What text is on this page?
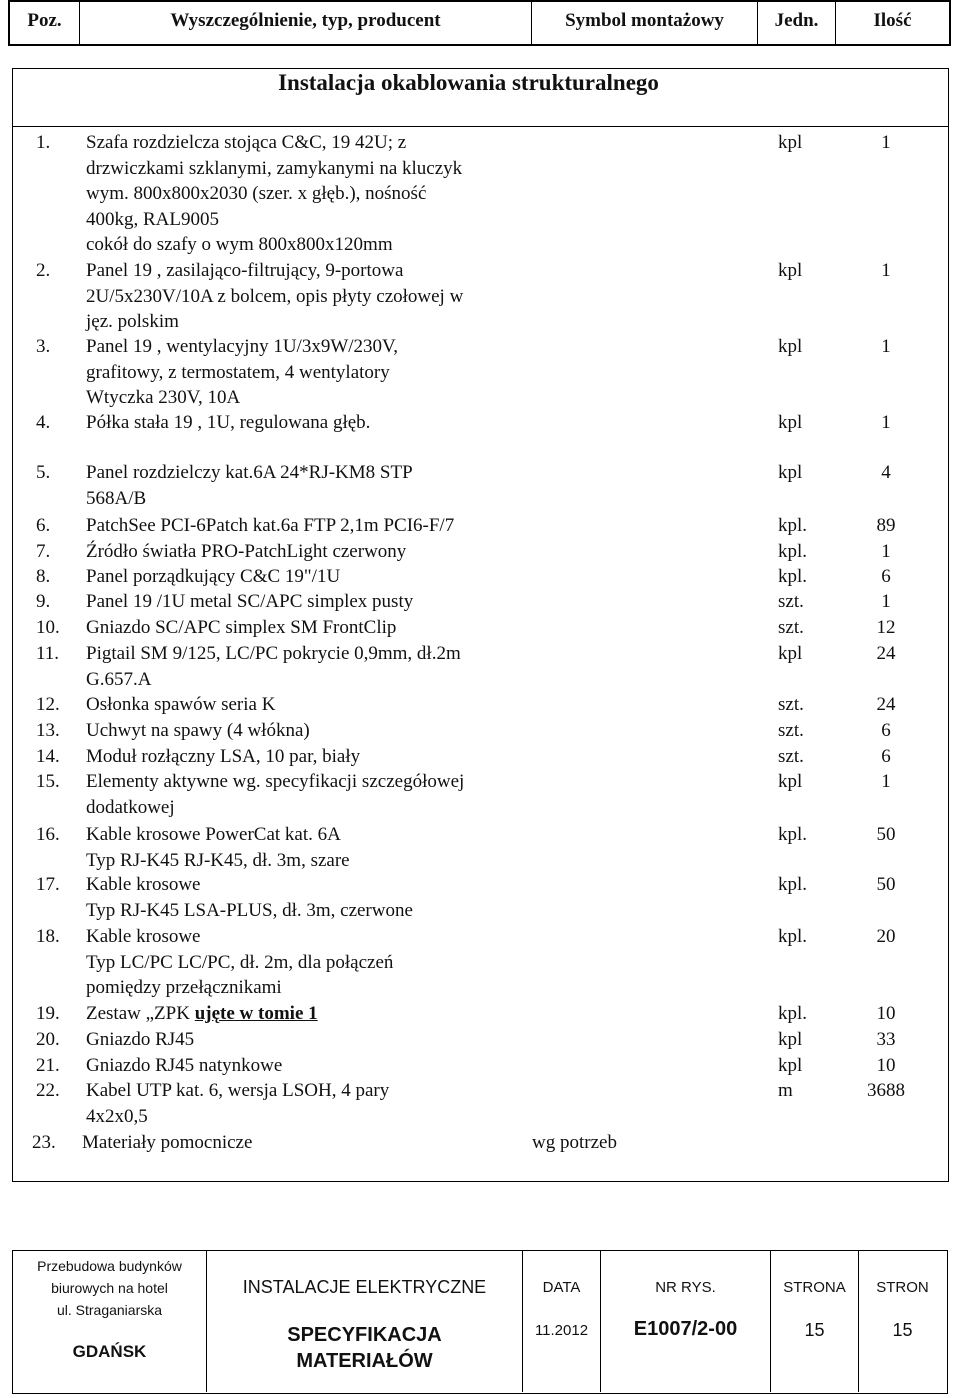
Poz.	Wyszczególnienie, typ, producent	Symbol montażowy	Jedn.	Ilość
Instalacja okablowania strukturalnego
1. Szafa rozdzielcza stojąca C&C, 19 42U; z
drzwiczkami szklanymi, zamykanymi na kluczyk
wym. 800x800x2030 (szer. x głęb.), nośność
400kg, RAL9005
cokół do szafy o wym 800x800x120mm
kpl	1
2. Panel 19 , zasilająco-filtrujący, 9-portowa
2U/5x230V/10A z bolcem, opis płyty czołowej w
jęz. polskim
kpl	1
3. Panel 19 , wentylacyjny 1U/3x9W/230V,
grafitowy, z termostatem, 4 wentylatory
Wtyczka 230V, 10A
kpl	1
4. Półka stała 19 , 1U, regulowana głęb.	kpl	1
5. Panel rozdzielczy kat.6A 24*RJ-KM8 STP
568A/B
kpl	4
6. PatchSee PCI-6Patch kat.6a FTP 2,1m PCI6-F/7	kpl.	89
7. Źródło światła PRO-PatchLight czerwony	kpl.	1
8. Panel porządkujący C&C 19"/1U	kpl.	6
9. Panel 19 /1U metal SC/APC simplex pusty	szt.	1
10. Gniazdo SC/APC simplex SM FrontClip	szt.	12
11. Pigtail SM 9/125, LC/PC pokrycie 0,9mm, dł.2m
G.657.A
kpl	24
12. Osłonka spawów seria K	szt.	24
13. Uchwyt na spawy (4 włókna)	szt.	6
14. Moduł rozłączny LSA, 10 par, biały	szt.	6
15. Elementy aktywne wg. specyfikacji szczegółowej
dodatkowej
kpl	1
16. Kable krosowe PowerCat kat. 6A
Typ RJ-K45 RJ-K45, dł. 3m, szare
kpl.	50
17. Kable krosowe
Typ RJ-K45 LSA-PLUS, dł. 3m, czerwone
kpl.	50
18. Kable krosowe
Typ LC/PC LC/PC, dł. 2m, dla połączeń
pomiędzy przełącznikami
kpl.	20
19. Zestaw „ZPK ujęte w tomie 1	kpl.	10
20. Gniazdo RJ45	kpl	33
21. Gniazdo RJ45 natynkowe	kpl	10
22. Kabel UTP kat. 6, wersja LSOH, 4 pary
4x2x0,5
m	3688
23. Materiały pomocnicze	wg potrzeb
Przebudowa budynków
biurowych na hotel
ul. Straganiarska
GDAŃSK
INSTALACJE ELEKTRYCZNE
SPECYFIKACJA
MATERIAŁÓW
DATA
11.2012
NR RYS.
E1007/2-00
STRONA
15
STRON
15
